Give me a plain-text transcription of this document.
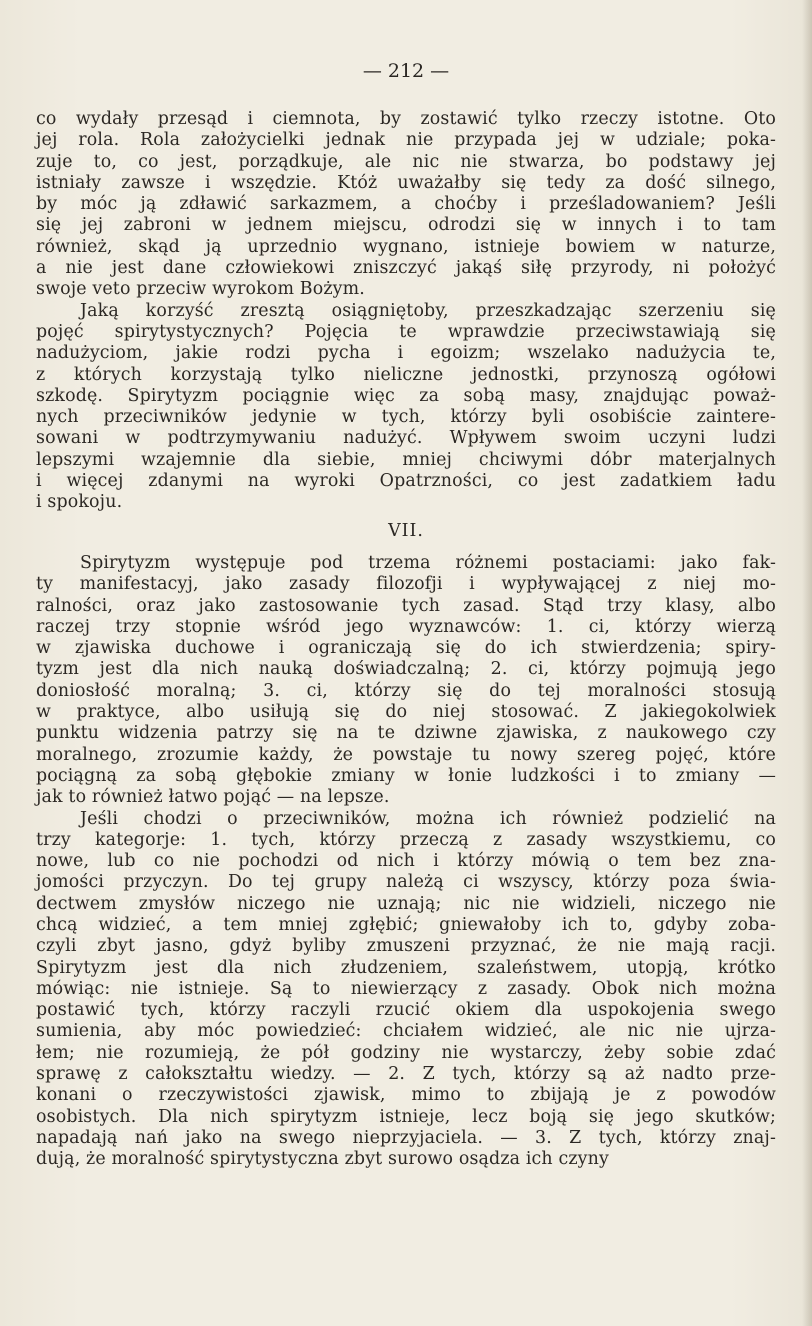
— 212 —

co wydały przesąd i ciemnota, by zostawić tylko rzeczy istotne. Oto
jej rola. Rola założycielki jednak nie przypada jej w udziale; poka-
zuje to, co jest, porządkuje, ale nic nie stwarza, bo podstawy jej
istniały zawsze i wszędzie. Któż uważałby się tedy za dość silnego,
by móc ją zdławić sarkazmem, a choćby i prześladowaniem? Jeśli
się jej zabroni w jednem miejscu, odrodzi się w innych i to tam
również, skąd ją uprzednio wygnano, istnieje bowiem w naturze,
a nie jest dane człowiekowi zniszczyć jakąś siłę przyrody, ni położyć
swoje veto przeciw wyrokom Bożym.
Jaką korzyść zresztą osiągniętoby, przeszkadzając szerzeniu się
pojęć spirytystycznych? Pojęcia te wprawdzie przeciwstawiają się
nadużyciom, jakie rodzi pycha i egoizm; wszelako nadużycia te,
z których korzystają tylko nieliczne jednostki, przynoszą ogółowi
szkodę. Spirytyzm pociągnie więc za sobą masy, znajdując poważ-
nych przeciwników jedynie w tych, którzy byli osobiście zaintere-
sowani w podtrzymywaniu nadużyć. Wpływem swoim uczyni ludzi
lepszymi wzajemnie dla siebie, mniej chciwymi dóbr materjalnych
i więcej zdanymi na wyroki Opatrzności, co jest zadatkiem ładu
i spokoju.
VII.
Spirytyzm występuje pod trzema różnemi postaciami: jako fak-
ty manifestacyj, jako zasady filozofji i wypływającej z niej mo-
ralności, oraz jako zastosowanie tych zasad. Stąd trzy klasy, albo
raczej trzy stopnie wśród jego wyznawców: 1. ci, którzy wierzą
w zjawiska duchowe i ograniczają się do ich stwierdzenia; spiry-
tyzm jest dla nich nauką doświadczalną; 2. ci, którzy pojmują jego
doniosłość moralną; 3. ci, którzy się do tej moralności stosują
w praktyce, albo usiłują się do niej stosować. Z jakiegokolwiek
punktu widzenia patrzy się na te dziwne zjawiska, z naukowego czy
moralnego, zrozumie każdy, że powstaje tu nowy szereg pojęć, które
pociągną za sobą głębokie zmiany w łonie ludzkości i to zmiany —
jak to również łatwo pojąć — na lepsze.
Jeśli chodzi o przeciwników, można ich również podzielić na
trzy kategorje: 1. tych, którzy przeczą z zasady wszystkiemu, co
nowe, lub co nie pochodzi od nich i którzy mówią o tem bez zna-
jomości przyczyn. Do tej grupy należą ci wszyscy, którzy poza świa-
dectwem zmysłów niczego nie uznają; nic nie widzieli, niczego nie
chcą widzieć, a tem mniej zgłębić; gniewałoby ich to, gdyby zoba-
czyli zbyt jasno, gdyż byliby zmuszeni przyznać, że nie mają racji.
Spirytyzm jest dla nich złudzeniem, szaleństwem, utopją, krótko
mówiąc: nie istnieje. Są to niewierzący z zasady. Obok nich można
postawić tych, którzy raczyli rzucić okiem dla uspokojenia swego
sumienia, aby móc powiedzieć: chciałem widzieć, ale nic nie ujrza-
łem; nie rozumieją, że pół godziny nie wystarczy, żeby sobie zdać
sprawę z całokształtu wiedzy. — 2. Z tych, którzy są aż nadto prze-
konani o rzeczywistości zjawisk, mimo to zbijają je z powodów
osobistych. Dla nich spirytyzm istnieje, lecz boją się jego skutków;
napadają nań jako na swego nieprzyjaciela. — 3. Z tych, którzy znaj-
dują, że moralność spirytystyczna zbyt surowo osądza ich czyny
